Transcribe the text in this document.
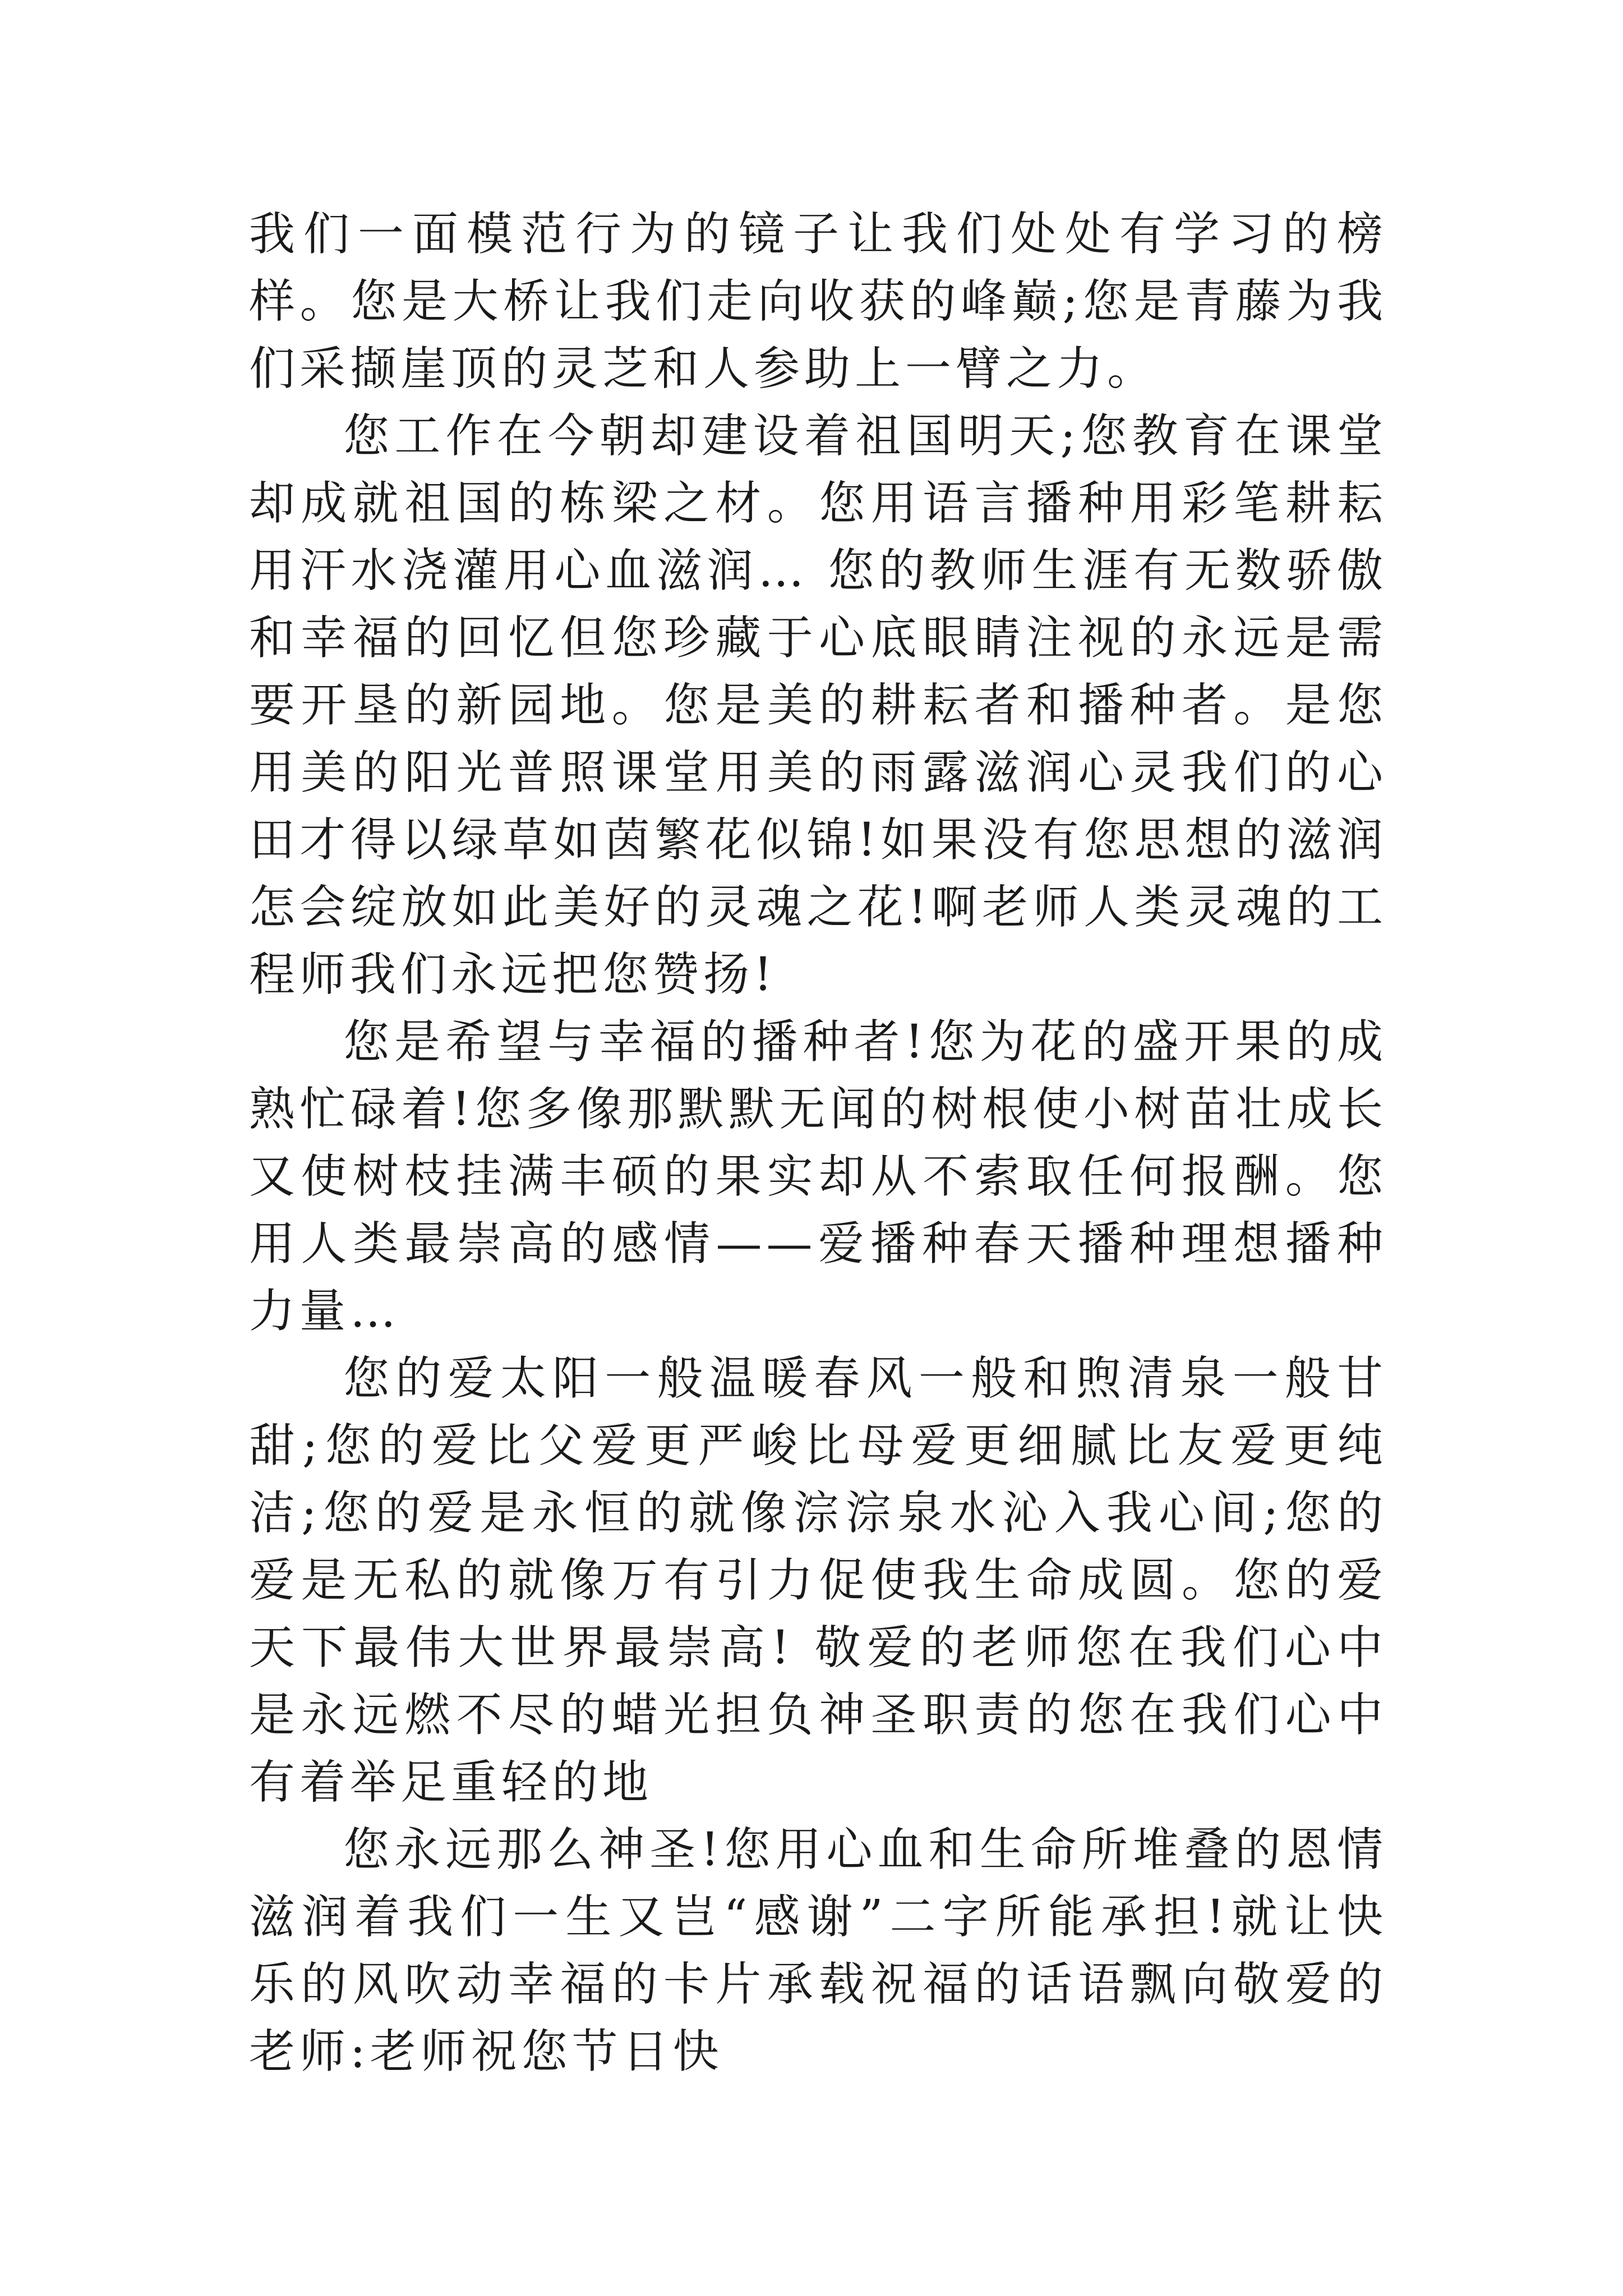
我们一面模范行为的镜子让我们处处有学习的榜样。您是大桥让我们走向收获的峰巅;您是青藤为我们采撷崖顶的灵芝和人参助上一臂之力。

您工作在今朝却建设着祖国明天;您教育在课堂却成就祖国的栋梁之材。您用语言播种用彩笔耕耘用汗水浇灌用心血滋润… 您的教师生涯有无数骄傲和幸福的回忆但您珍藏于心底眼睛注视的永远是需要开垦的新园地。您是美的耕耘者和播种者。是您用美的阳光普照课堂用美的雨露滋润心灵我们的心田才得以绿草如茵繁花似锦!如果没有您思想的滋润怎会绽放如此美好的灵魂之花!啊老师人类灵魂的工程师我们永远把您赞扬!

您是希望与幸福的播种者!您为花的盛开果的成熟忙碌着!您多像那默默无闻的树根使小树苗壮成长又使树枝挂满丰硕的果实却从不索取任何报酬。您用人类最崇高的感情——爱播种春天播种理想播种力量…

您的爱太阳一般温暖春风一般和煦清泉一般甘甜;您的爱比父爱更严峻比母爱更细腻比友爱更纯洁;您的爱是永恒的就像淙淙泉水沁入我心间;您的爱是无私的就像万有引力促使我生命成圆。您的爱天下最伟大世界最崇高! 敬爱的老师您在我们心中是永远燃不尽的蜡光担负神圣职责的您在我们心中有着举足重轻的地

您永远那么神圣!您用心血和生命所堆叠的恩情滋润着我们一生又岂“感谢”二字所能承担!就让快乐的风吹动幸福的卡片承载祝福的话语飘向敬爱的老师:老师祝您节日快
